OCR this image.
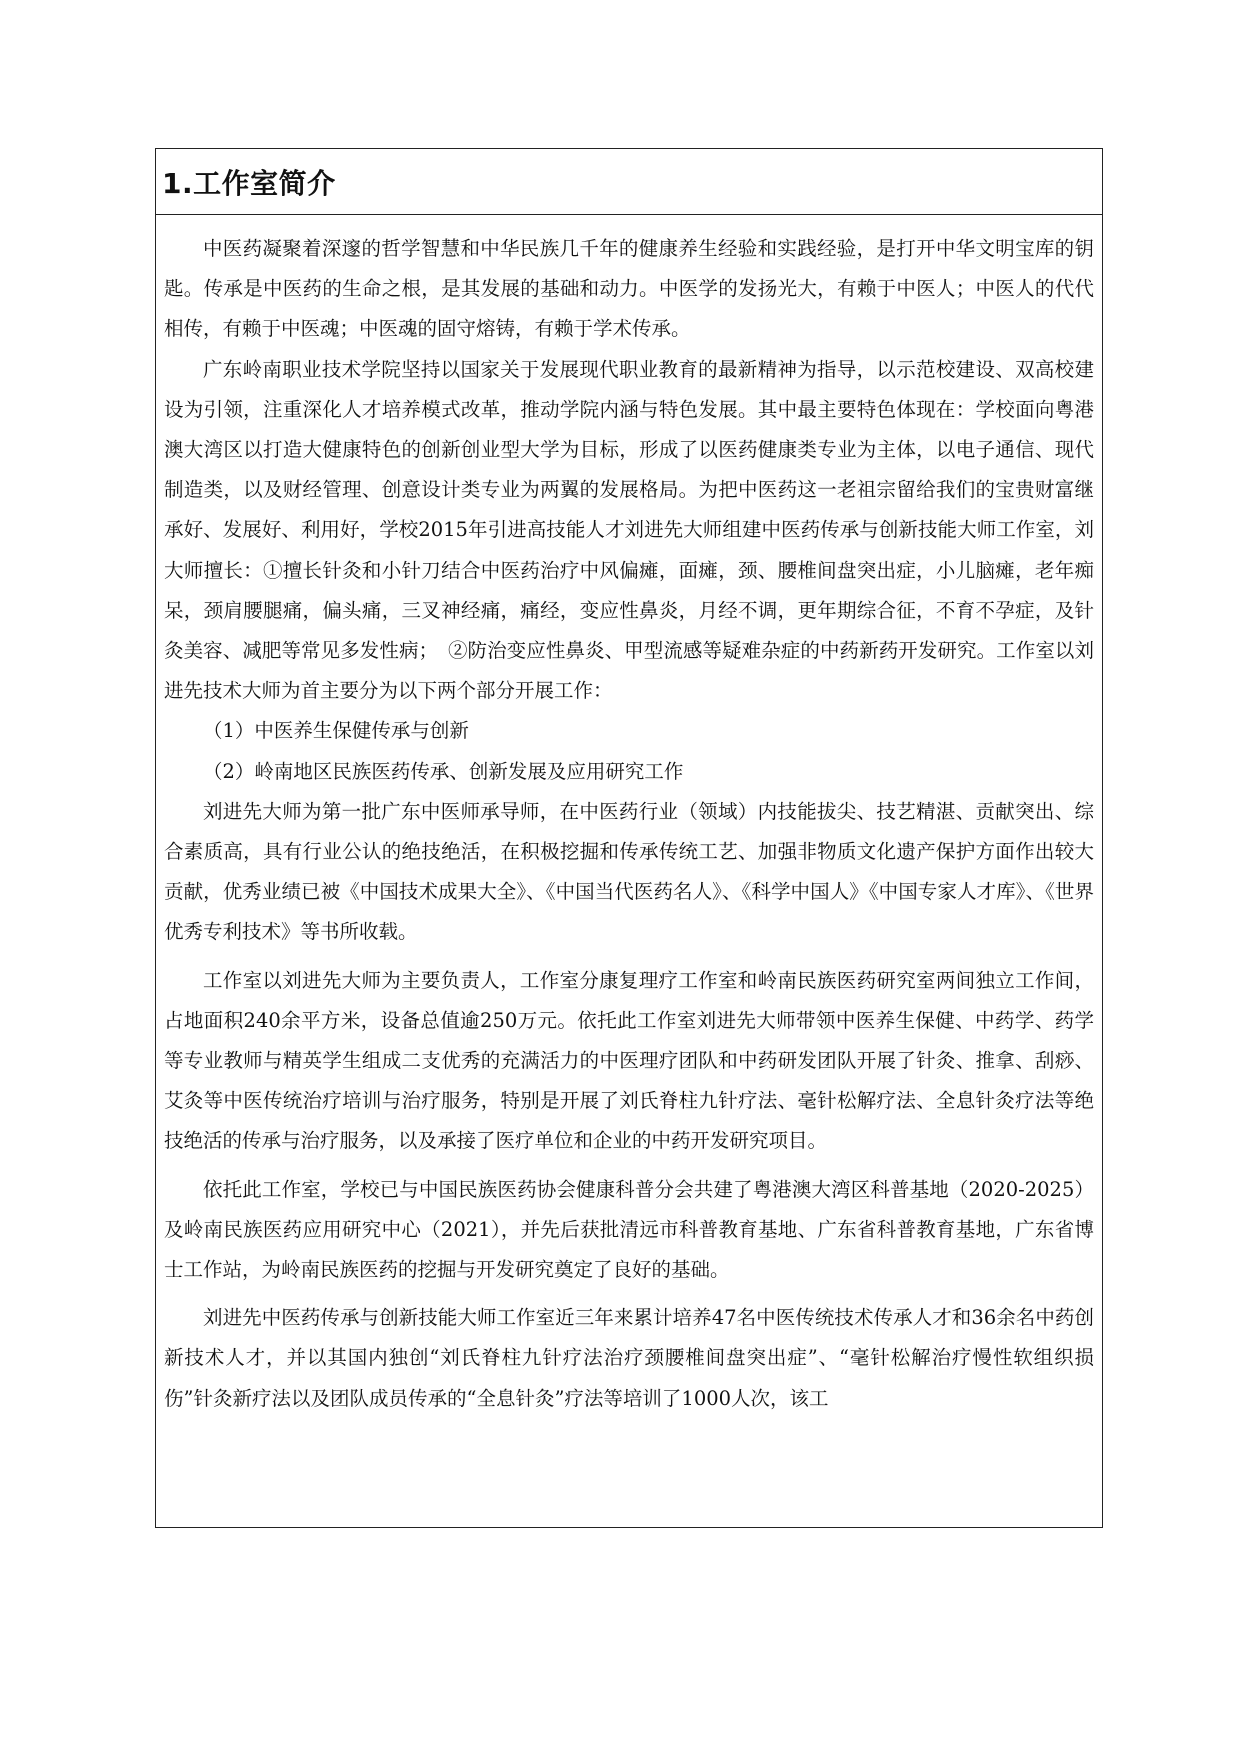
1.工作室简介

中医药凝聚着深邃的哲学智慧和中华民族几千年的健康养生经验和实践经验，是打开中华文明宝库的钥匙。传承是中医药的生命之根，是其发展的基础和动力。中医学的发扬光大，有赖于中医人；中医人的代代相传，有赖于中医魂；中医魂的固守熔铸，有赖于学术传承。

广东岭南职业技术学院坚持以国家关于发展现代职业教育的最新精神为指导，以示范校建设、双高校建设为引领，注重深化人才培养模式改革，推动学院内涵与特色发展。其中最主要特色体现在：学校面向粤港澳大湾区以打造大健康特色的创新创业型大学为目标，形成了以医药健康类专业为主体，以电子通信、现代制造类，以及财经管理、创意设计类专业为两翼的发展格局。为把中医药这一老祖宗留给我们的宝贵财富继承好、发展好、利用好，学校2015年引进高技能人才刘进先大师组建中医药传承与创新技能大师工作室，刘大师擅长：①擅长针灸和小针刀结合中医药治疗中风偏瘫，面瘫，颈、腰椎间盘突出症，小儿脑瘫，老年痴呆，颈肩腰腿痛，偏头痛，三叉神经痛，痛经，变应性鼻炎，月经不调，更年期综合征，不育不孕症，及针灸美容、减肥等常见多发性病；　②防治变应性鼻炎、甲型流感等疑难杂症的中药新药开发研究。工作室以刘进先技术大师为首主要分为以下两个部分开展工作：

（1）中医养生保健传承与创新

（2）岭南地区民族医药传承、创新发展及应用研究工作

刘进先大师为第一批广东中医师承导师，在中医药行业（领域）内技能拔尖、技艺精湛、贡献突出、综合素质高，具有行业公认的绝技绝活，在积极挖掘和传承传统工艺、加强非物质文化遗产保护方面作出较大贡献，优秀业绩已被《中国技术成果大全》、《中国当代医药名人》、《科学中国人》《中国专家人才库》、《世界优秀专利技术》等书所收载。

工作室以刘进先大师为主要负责人，工作室分康复理疗工作室和岭南民族医药研究室两间独立工作间，占地面积240余平方米，设备总值逾250万元。依托此工作室刘进先大师带领中医养生保健、中药学、药学等专业教师与精英学生组成二支优秀的充满活力的中医理疗团队和中药研发团队开展了针灸、推拿、刮痧、艾灸等中医传统治疗培训与治疗服务，特别是开展了刘氏脊柱九针疗法、毫针松解疗法、全息针灸疗法等绝技绝活的传承与治疗服务，以及承接了医疗单位和企业的中药开发研究项目。

依托此工作室，学校已与中国民族医药协会健康科普分会共建了粤港澳大湾区科普基地（2020-2025）及岭南民族医药应用研究中心（2021），并先后获批清远市科普教育基地、广东省科普教育基地，广东省博士工作站，为岭南民族医药的挖掘与开发研究奠定了良好的基础。

刘进先中医药传承与创新技能大师工作室近三年来累计培养47名中医传统技术传承人才和36余名中药创新技术人才，并以其国内独创“刘氏脊柱九针疗法治疗颈腰椎间盘突出症”、“毫针松解治疗慢性软组织损伤”针灸新疗法以及团队成员传承的“全息针灸”疗法等培训了1000人次，该工
